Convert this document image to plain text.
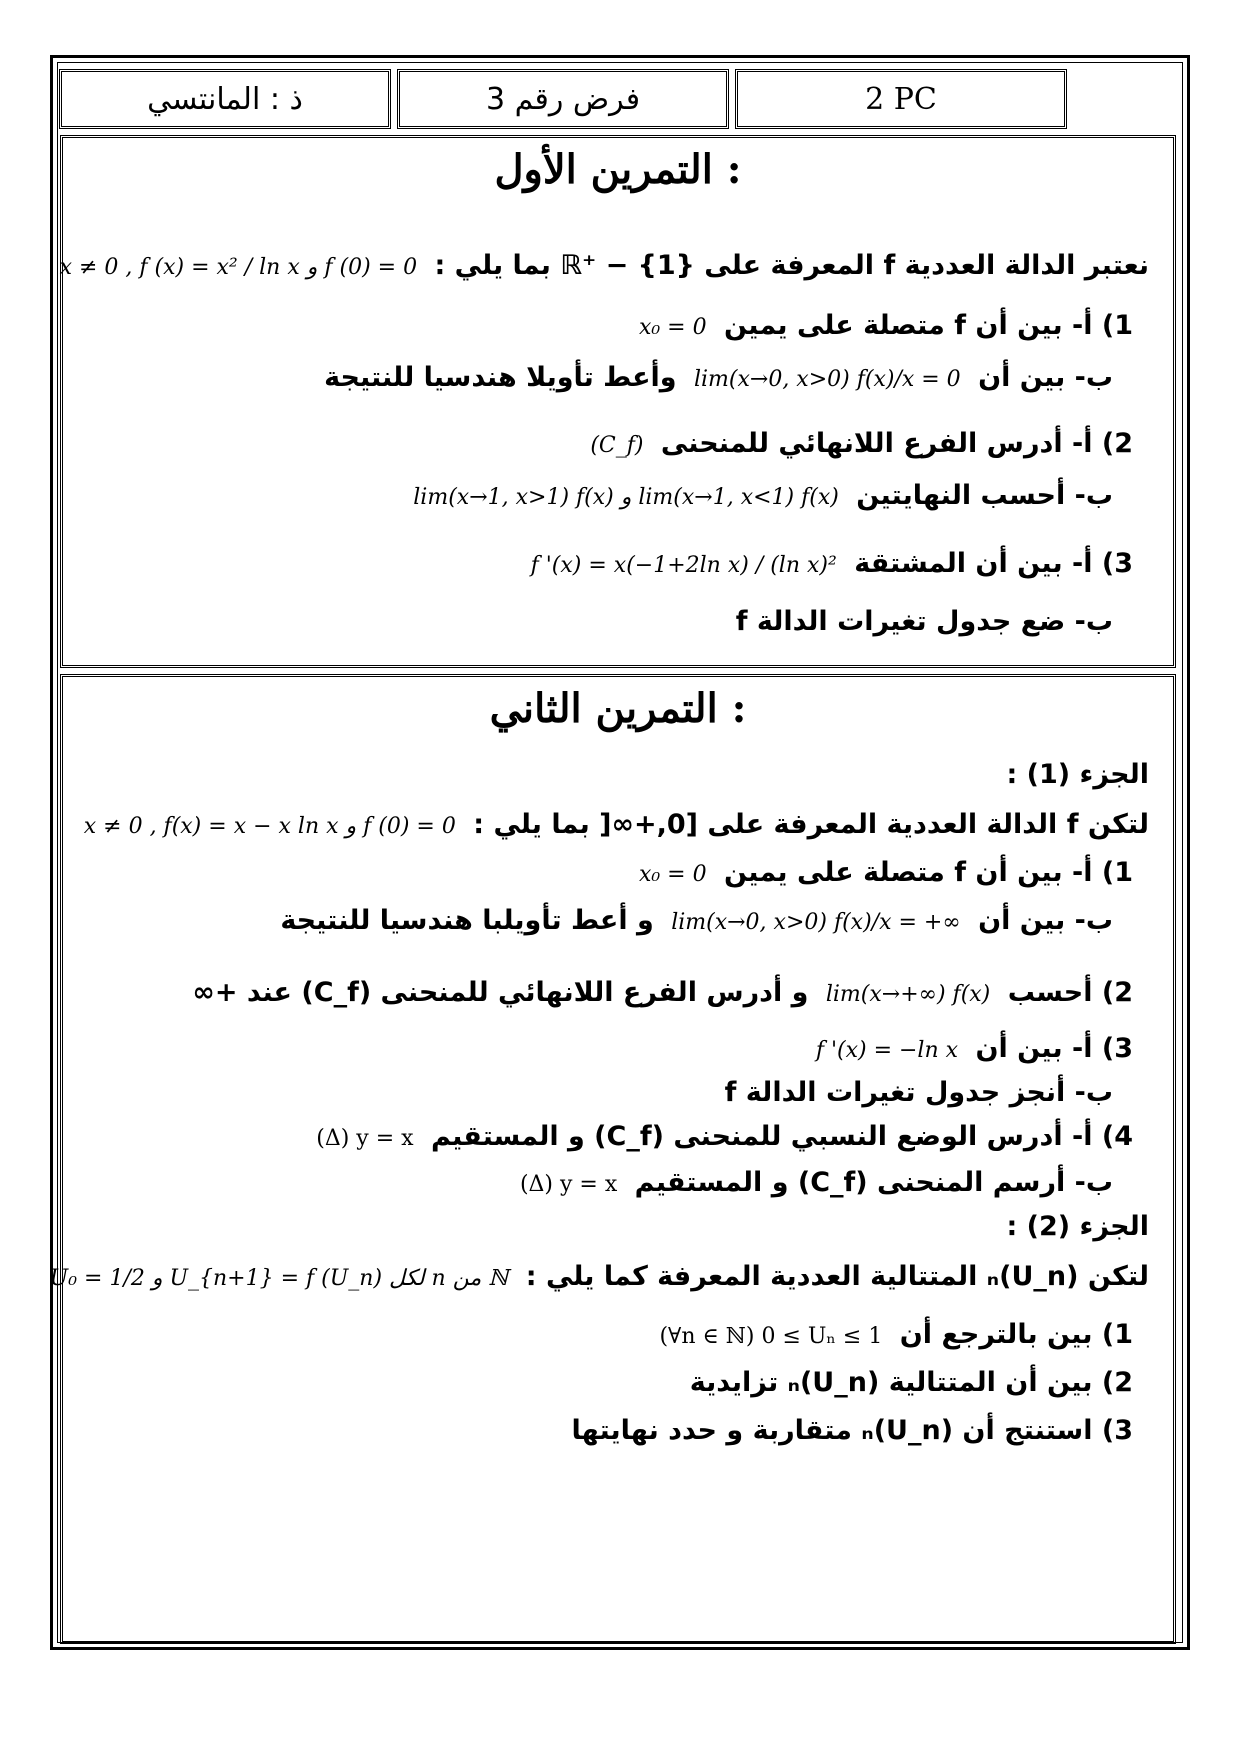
ذ : المانتسي	فرض رقم 3	2 PC
التمرين الأول :
نعتبر الدالة العددية f المعرفة على ℝ⁺ − {1} بما يلي : x ≠ 0 , f (x) = x² / ln x و f (0) = 0
1) أ- بين أن f متصلة على يمين x₀ = 0
ب- بين أن lim(x→0, x>0) f(x)/x = 0 وأعط تأويلا هندسيا للنتيجة
2) أ- أدرس الفرع اللانهائي للمنحنى (C_f)
ب- أحسب النهايتين lim(x→1, x>1) f(x) و lim(x→1, x<1) f(x)
3) أ- بين أن المشتقة f '(x) = x(−1+2ln x) / (ln x)²
ب- ضع جدول تغيرات الدالة f
التمرين الثاني :
الجزء (1) :
لتكن f الدالة العددية المعرفة على [0,+∞[ بما يلي : x ≠ 0 , f(x) = x − x ln x و f (0) = 0
1) أ- بين أن f متصلة على يمين x₀ = 0
ب- بين أن lim(x→0, x>0) f(x)/x = +∞ و أعط تأويلبا هندسيا للنتيجة
2) أحسب lim(x→+∞) f(x) و أدرس الفرع اللانهائي للمنحنى (C_f) عند +∞
3) أ- بين أن f '(x) = −ln x
ب- أنجز جدول تغيرات الدالة f
4) أ- أدرس الوضع النسبي للمنحنى (C_f) و المستقيم (Δ) y = x
ب- أرسم المنحنى (C_f) و المستقيم (Δ) y = x
الجزء (2) :
لتكن (U_n)ₙ المتتالية العددية المعرفة كما يلي : U₀ = 1/2 و U_{n+1} = f (U_n) لكل n من ℕ
1) بين بالترجع أن (∀n ∈ ℕ) 0 ≤ Uₙ ≤ 1
2) بين أن المتتالية (U_n)ₙ تزايدية
3) استنتج أن (U_n)ₙ متقاربة و حدد نهايتها
